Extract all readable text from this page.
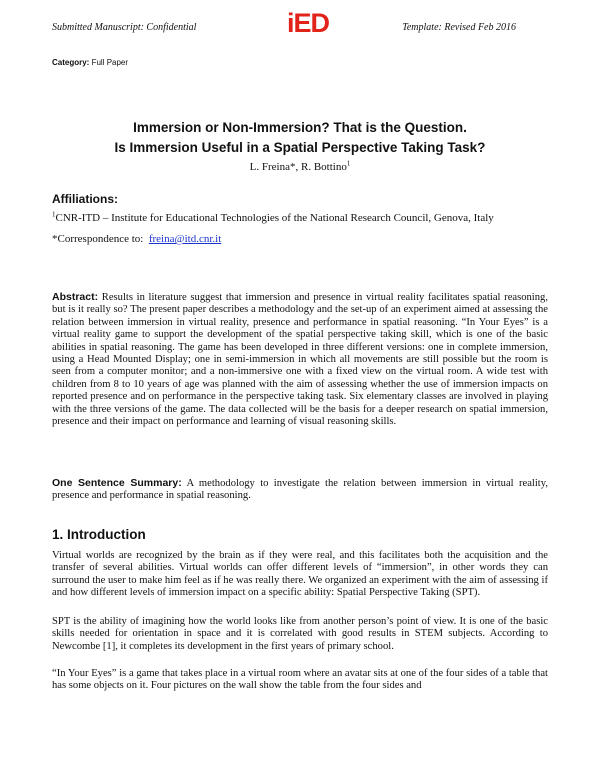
Submitted Manuscript: Confidential	iED	Template: Revised Feb 2016
Category: Full Paper
Immersion or Non-Immersion? That is the Question.
Is Immersion Useful in a Spatial Perspective Taking Task?
L. Freina*, R. Bottino$^1$
Affiliations:
$^1$CNR-ITD – Institute for Educational Technologies of the National Research Council, Genova, Italy
*Correspondence to: freina@itd.cnr.it

Abstract: Results in literature suggest that immersion and presence in virtual reality facilitates spatial reasoning, but is it really so? The present paper describes a methodology and the set-up of an experiment aimed at assessing the relation between immersion in virtual reality, presence and performance in spatial reasoning. “In Your Eyes” is a virtual reality game to support the development of the spatial perspective taking skill, which is one of the basic abilities in spatial reasoning. The game has been developed in three different versions: one in complete immersion, using a Head Mounted Display; one in semi-immersion in which all movements are still possible but the room is seen from a computer monitor; and a non-immersive one with a fixed view on the virtual room. A wide test with children from 8 to 10 years of age was planned with the aim of assessing whether the use of immersion impacts on reported presence and on performance in the perspective taking task. Six elementary classes are involved in playing with the three versions of the game. The data collected will be the basis for a deeper research on spatial immersion, presence and their impact on performance and learning of visual reasoning skills.

One Sentence Summary: A methodology to investigate the relation between immersion in virtual reality, presence and performance in spatial reasoning.

1. Introduction

Virtual worlds are recognized by the brain as if they were real, and this facilitates both the acquisition and the transfer of several abilities. Virtual worlds can offer different levels of “immersion”, in other words they can surround the user to make him feel as if he was really there. We organized an experiment with the aim of assessing if and how different levels of immersion impact on a specific ability: Spatial Perspective Taking (SPT).

SPT is the ability of imagining how the world looks like from another person’s point of view. It is one of the basic skills needed for orientation in space and it is correlated with good results in STEM subjects. According to Newcombe [1], it completes its development in the first years of primary school.

“In Your Eyes” is a game that takes place in a virtual room where an avatar sits at one of the four sides of a table that has some objects on it. Four pictures on the wall show the table from the four sides and
